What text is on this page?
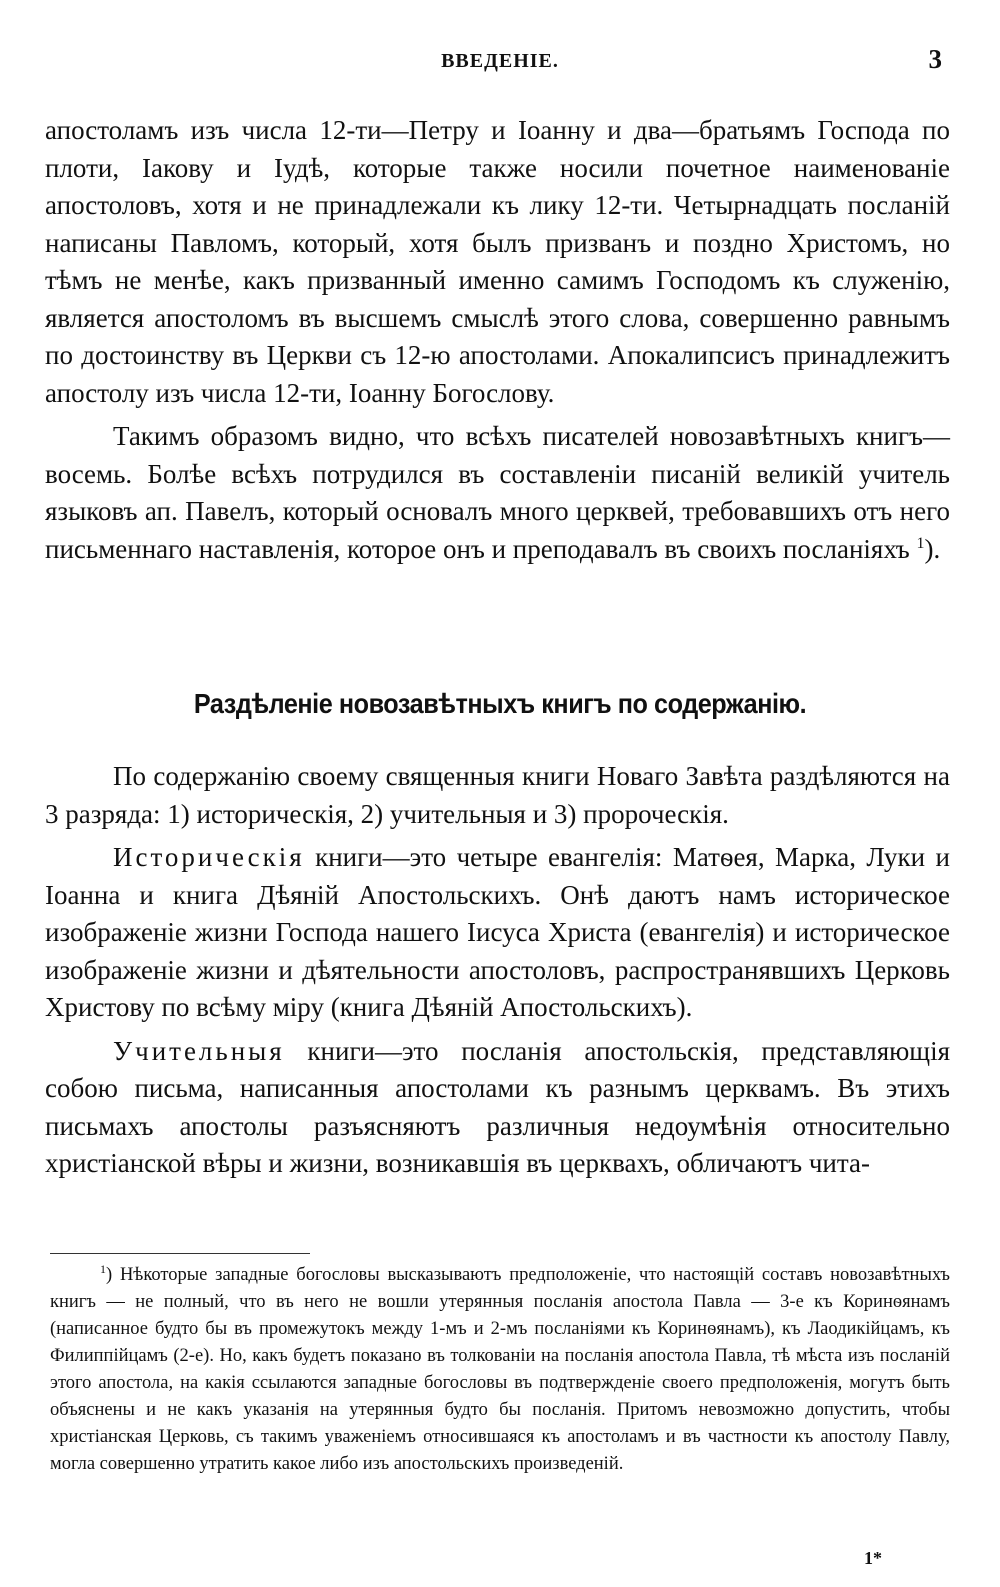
ВВЕДЕНІЕ.	3

апостоламъ изъ числа 12-ти—Петру и Іоанну и два—братьямъ Господа по плоти, Іакову и Іудѣ, которые также носили почетное наименованіе апостоловъ, хотя и не принадлежали къ лику 12-ти. Четырнадцать посланій написаны Павломъ, который, хотя былъ призванъ и поздно Христомъ, но тѣмъ не менѣе, какъ призванный именно самимъ Господомъ къ служенію, является апостоломъ въ высшемъ смыслѣ этого слова, совершенно равнымъ по достоинству въ Церкви съ 12-ю апостолами. Апокалипсисъ принадлежитъ апостолу изъ числа 12-ти, Іоанну Богослову.

Такимъ образомъ видно, что всѣхъ писателей новозавѣтныхъ книгъ—восемь. Болѣе всѣхъ потрудился въ составленіи писаній великій учитель языковъ ап. Павелъ, который основалъ много церквей, требовавшихъ отъ него письменнаго наставленія, которое онъ и преподавалъ въ своихъ посланіяхъ $^1$).

Раздѣленіе новозавѣтныхъ книгъ по содержанію.

По содержанію своему священныя книги Новаго Завѣта раздѣляются на 3 разряда: 1) историческія, 2) учительныя и 3) пророческія.

Историческія книги—это четыре евангелія: Матѳея, Марка, Луки и Іоанна и книга Дѣяній Апостольскихъ. Онѣ даютъ намъ историческое изображеніе жизни Господа нашего Іисуса Христа (евангелія) и историческое изображеніе жизни и дѣятельности апостоловъ, распространявшихъ Церковь Христову по всѣму міру (книга Дѣяній Апостольскихъ).

Учительныя книги—это посланія апостольскія, представляющія собою письма, написанныя апостолами къ разнымъ церквамъ. Въ этихъ письмахъ апостолы разъясняютъ различныя недоумѣнія относительно христіанской вѣры и жизни, возникавшія въ церквахъ, обличаютъ чита-

$^1$) Нѣкоторые западные богословы высказываютъ предположеніе, что настоящій составъ новозавѣтныхъ книгъ — не полный, что въ него не вошли утерянныя посланія апостола Павла — 3-е къ Коринѳянамъ (написанное будто бы въ промежутокъ между 1-мъ и 2-мъ посланіями къ Коринѳянамъ), къ Лаодикійцамъ, къ Филиппійцамъ (2-е). Но, какъ будетъ показано въ толкованіи на посланія апостола Павла, тѣ мѣста изъ посланій этого апостола, на какія ссылаются западные богословы въ подтвержденіе своего предположенія, могутъ быть объяснены и не какъ указанія на утерянныя будто бы посланія. Притомъ невозможно допустить, чтобы христіанская Церковь, съ такимъ уваженіемъ относившаяся къ апостоламъ и въ частности къ апостолу Павлу, могла совершенно утратить какое либо изъ апостольскихъ произведеній.

1*
